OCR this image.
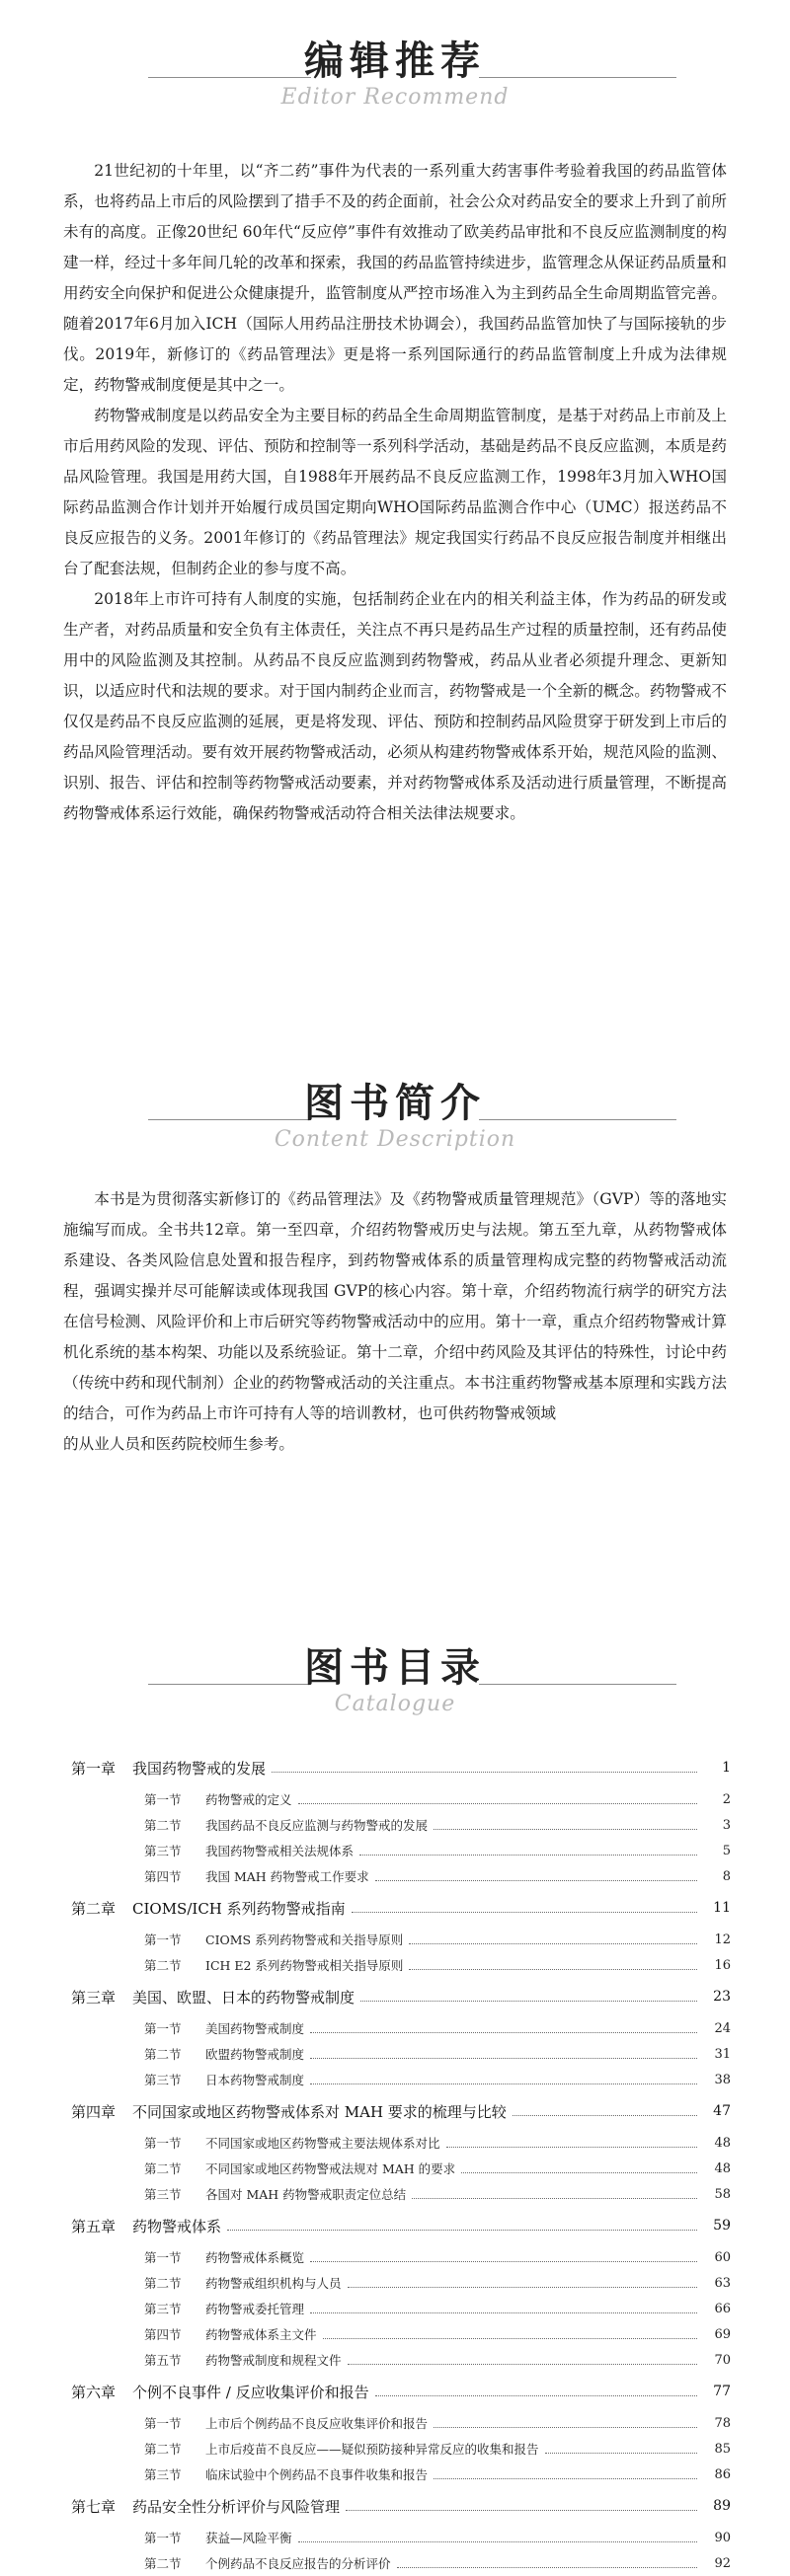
编辑推荐
Editor Recommend

21世纪初的十年里，以“齐二药”事件为代表的一系列重大药害事件考验着我国的药品监管体系，也将药品上市后的风险摆到了措手不及的药企面前，社会公众对药品安全的要求上升到了前所未有的高度。正像20世纪 60年代“反应停”事件有效推动了欧美药品审批和不良反应监测制度的构建一样，经过十多年间几轮的改革和探索，我国的药品监管持续进步，监管理念从保证药品质量和用药安全向保护和促进公众健康提升，监管制度从严控市场准入为主到药品全生命周期监管完善。随着2017年6月加入ICH（国际人用药品注册技术协调会），我国药品监管加快了与国际接轨的步伐。2019年，新修订的《药品管理法》更是将一系列国际通行的药品监管制度上升成为法律规定，药物警戒制度便是其中之一。

药物警戒制度是以药品安全为主要目标的药品全生命周期监管制度，是基于对药品上市前及上市后用药风险的发现、评估、预防和控制等一系列科学活动，基础是药品不良反应监测，本质是药品风险管理。我国是用药大国，自1988年开展药品不良反应监测工作，1998年3月加入WHO国际药品监测合作计划并开始履行成员国定期向WHO国际药品监测合作中心（UMC）报送药品不良反应报告的义务。2001年修订的《药品管理法》规定我国实行药品不良反应报告制度并相继出台了配套法规，但制药企业的参与度不高。

2018年上市许可持有人制度的实施，包括制药企业在内的相关利益主体，作为药品的研发或生产者，对药品质量和安全负有主体责任，关注点不再只是药品生产过程的质量控制，还有药品使用中的风险监测及其控制。从药品不良反应监测到药物警戒，药品从业者必须提升理念、更新知识，以适应时代和法规的要求。对于国内制药企业而言，药物警戒是一个全新的概念。药物警戒不仅仅是药品不良反应监测的延展，更是将发现、评估、预防和控制药品风险贯穿于研发到上市后的药品风险管理活动。要有效开展药物警戒活动，必须从构建药物警戒体系开始，规范风险的监测、识别、报告、评估和控制等药物警戒活动要素，并对药物警戒体系及活动进行质量管理，不断提高药物警戒体系运行效能，确保药物警戒活动符合相关法律法规要求。

图书简介
Content Description

本书是为贯彻落实新修订的《药品管理法》及《药物警戒质量管理规范》（GVP）等的落地实施编写而成。全书共12章。第一至四章，介绍药物警戒历史与法规。第五至九章，从药物警戒体系建设、各类风险信息处置和报告程序，到药物警戒体系的质量管理构成完整的药物警戒活动流程，强调实操并尽可能解读或体现我国 GVP的核心内容。第十章，介绍药物流行病学的研究方法在信号检测、风险评价和上市后研究等药物警戒活动中的应用。第十一章，重点介绍药物警戒计算机化系统的基本构架、功能以及系统验证。第十二章，介绍中药风险及其评估的特殊性，讨论中药（传统中药和现代制剂）企业的药物警戒活动的关注重点。本书注重药物警戒基本原理和实践方法的结合，可作为药品上市许可持有人等的培训教材，也可供药物警戒领域

的从业人员和医药院校师生参考。

图书目录
Catalogue
第一章	我国药物警戒的发展	1
第一节	药物警戒的定义	2
第二节	我国药品不良反应监测与药物警戒的发展	3
第三节	我国药物警戒相关法规体系	5
第四节	我国 MAH 药物警戒工作要求	8
第二章	CIOMS/ICH 系列药物警戒指南	11
第一节	CIOMS 系列药物警戒和关指导原则	12
第二节	ICH E2 系列药物警戒相关指导原则	16
第三章	美国、欧盟、日本的药物警戒制度	23
第一节	美国药物警戒制度	24
第二节	欧盟药物警戒制度	31
第三节	日本药物警戒制度	38
第四章	不同国家或地区药物警戒体系对 MAH 要求的梳理与比较	47
第一节	不同国家或地区药物警戒主要法规体系对比	48
第二节	不同国家或地区药物警戒法规对 MAH 的要求	48
第三节	各国对 MAH 药物警戒职责定位总结	58
第五章	药物警戒体系	59
第一节	药物警戒体系概览	60
第二节	药物警戒组织机构与人员	63
第三节	药物警戒委托管理	66
第四节	药物警戒体系主文件	69
第五节	药物警戒制度和规程文件	70
第六章	个例不良事件 / 反应收集评价和报告	77
第一节	上市后个例药品不良反应收集评价和报告	78
第二节	上市后疫苗不良反应——疑似预防接种异常反应的收集和报告	85
第三节	临床试验中个例药品不良事件收集和报告	86
第七章	药品安全性分析评价与风险管理	89
第一节	获益—风险平衡	90
第二节	个例药品不良反应报告的分析评价	92
